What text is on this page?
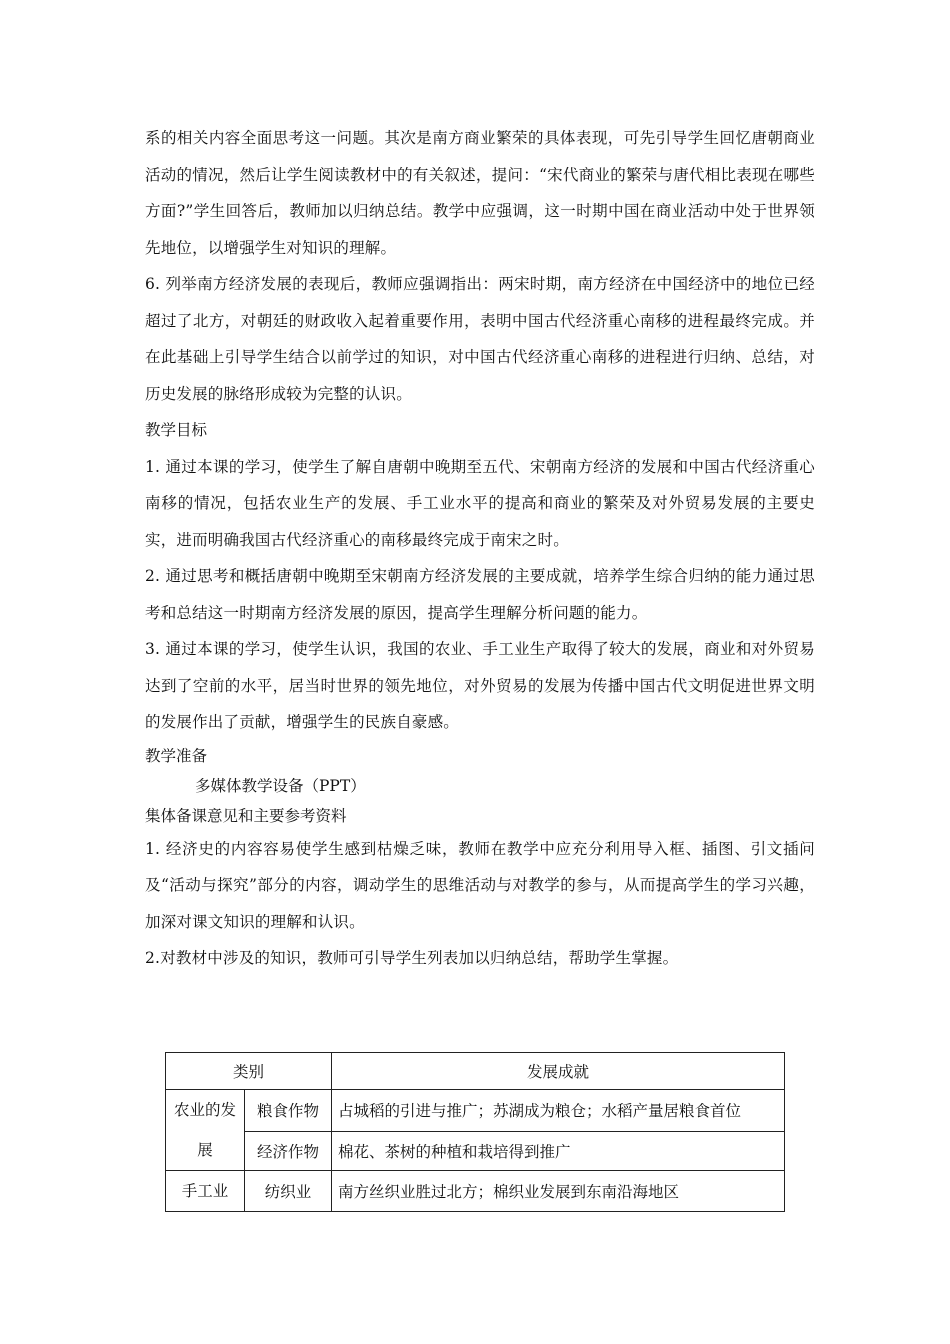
系的相关内容全面思考这一问题。其次是南方商业繁荣的具体表现，可先引导学生回忆唐朝商业活动的情况，然后让学生阅读教材中的有关叙述，提问：“宋代商业的繁荣与唐代相比表现在哪些方面?”学生回答后，教师加以归纳总结。教学中应强调，这一时期中国在商业活动中处于世界领先地位，以增强学生对知识的理解。

6. 列举南方经济发展的表现后，教师应强调指出：两宋时期，南方经济在中国经济中的地位已经超过了北方，对朝廷的财政收入起着重要作用，表明中国古代经济重心南移的进程最终完成。并在此基础上引导学生结合以前学过的知识，对中国古代经济重心南移的进程进行归纳、总结，对历史发展的脉络形成较为完整的认识。

教学目标

1. 通过本课的学习，使学生了解自唐朝中晚期至五代、宋朝南方经济的发展和中国古代经济重心南移的情况，包括农业生产的发展、手工业水平的提高和商业的繁荣及对外贸易发展的主要史实，进而明确我国古代经济重心的南移最终完成于南宋之时。

2. 通过思考和概括唐朝中晚期至宋朝南方经济发展的主要成就，培养学生综合归纳的能力通过思考和总结这一时期南方经济发展的原因，提高学生理解分析问题的能力。

3. 通过本课的学习，使学生认识，我国的农业、手工业生产取得了较大的发展，商业和对外贸易达到了空前的水平，居当时世界的领先地位，对外贸易的发展为传播中国古代文明促进世界文明的发展作出了贡献，增强学生的民族自豪感。

教学准备

多媒体教学设备（PPT）

集体备课意见和主要参考资料

1. 经济史的内容容易使学生感到枯燥乏味，教师在教学中应充分利用导入框、插图、引文插问及“活动与探究”部分的内容，调动学生的思维活动与对教学的参与，从而提高学生的学习兴趣，加深对课文知识的理解和认识。

2.对教材中涉及的知识，教师可引导学生列表加以归纳总结，帮助学生掌握。

类别		发展成就
农业的发展	粮食作物	占城稻的引进与推广；苏湖成为粮仓；水稻产量居粮食首位
	经济作物	棉花、茶树的种植和栽培得到推广
手工业	纺织业	南方丝织业胜过北方；棉织业发展到东南沿海地区
